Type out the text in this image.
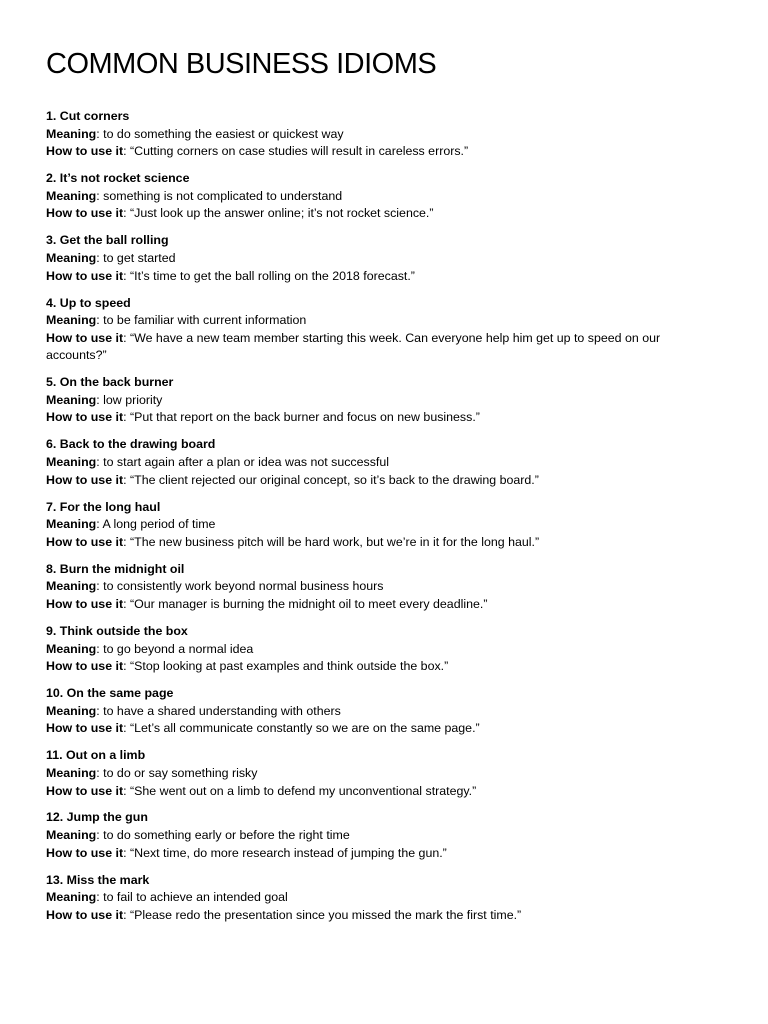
COMMON BUSINESS IDIOMS
1. Cut corners
Meaning: to do something the easiest or quickest way
How to use it: “Cutting corners on case studies will result in careless errors.”
2. It’s not rocket science
Meaning: something is not complicated to understand
How to use it: “Just look up the answer online; it’s not rocket science.”
3. Get the ball rolling
Meaning: to get started
How to use it: “It’s time to get the ball rolling on the 2018 forecast.”
4. Up to speed
Meaning: to be familiar with current information
How to use it: “We have a new team member starting this week. Can everyone help him get up to speed on our accounts?”
5. On the back burner
Meaning: low priority
How to use it: “Put that report on the back burner and focus on new business.”
6. Back to the drawing board
Meaning: to start again after a plan or idea was not successful
How to use it: “The client rejected our original concept, so it’s back to the drawing board.”
7. For the long haul
Meaning: A long period of time
How to use it: “The new business pitch will be hard work, but we’re in it for the long haul.”
8. Burn the midnight oil
Meaning: to consistently work beyond normal business hours
How to use it: “Our manager is burning the midnight oil to meet every deadline.”
9. Think outside the box
Meaning: to go beyond a normal idea
How to use it: “Stop looking at past examples and think outside the box.”
10. On the same page
Meaning: to have a shared understanding with others
How to use it: “Let’s all communicate constantly so we are on the same page.”
11. Out on a limb
Meaning: to do or say something risky
How to use it: “She went out on a limb to defend my unconventional strategy.”
12. Jump the gun
Meaning: to do something early or before the right time
How to use it: “Next time, do more research instead of jumping the gun.”
13. Miss the mark
Meaning: to fail to achieve an intended goal
How to use it: “Please redo the presentation since you missed the mark the first time.”
